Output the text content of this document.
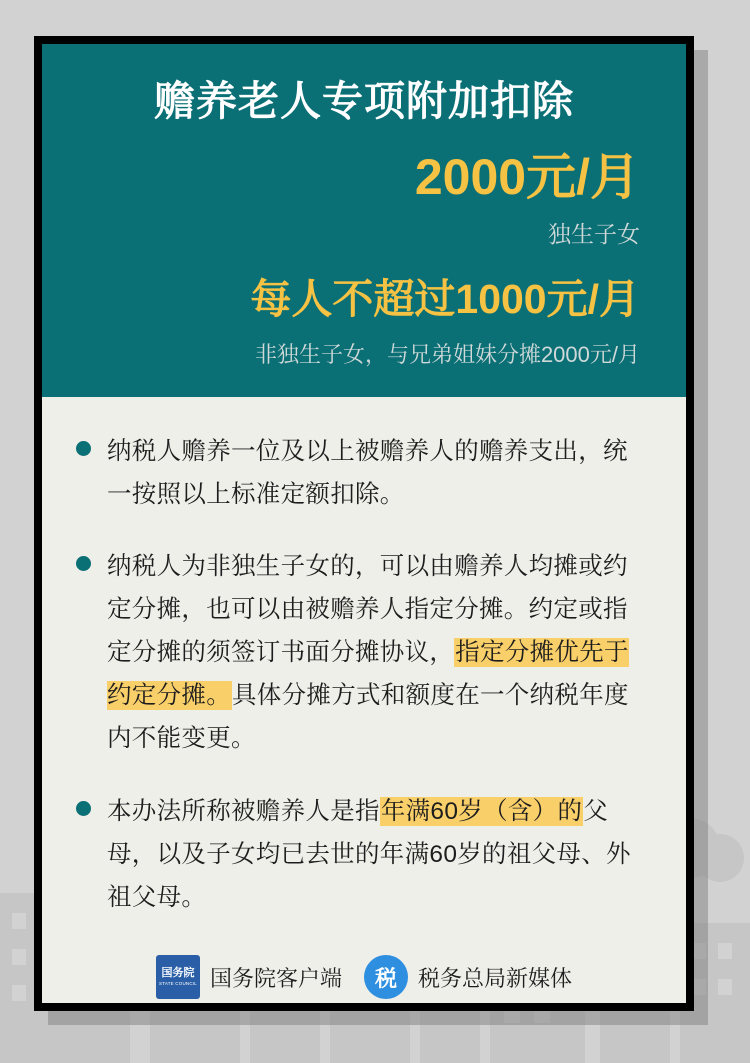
赡养老人专项附加扣除
2000元/月
独生子女
每人不超过1000元/月
非独生子女，与兄弟姐妹分摊2000元/月
纳税人赡养一位及以上被赡养人的赡养支出，统一按照以上标准定额扣除。
纳税人为非独生子女的，可以由赡养人均摊或约定分摊，也可以由被赡养人指定分摊。约定或指定分摊的须签订书面分摊协议，指定分摊优先于约定分摊。具体分摊方式和额度在一个纳税年度内不能变更。
本办法所称被赡养人是指年满60岁（含）的父母，以及子女均已去世的年满60岁的祖父母、外祖父母。
国务院
STATE COUNCIL 国务院客户端 税 税务总局新媒体
